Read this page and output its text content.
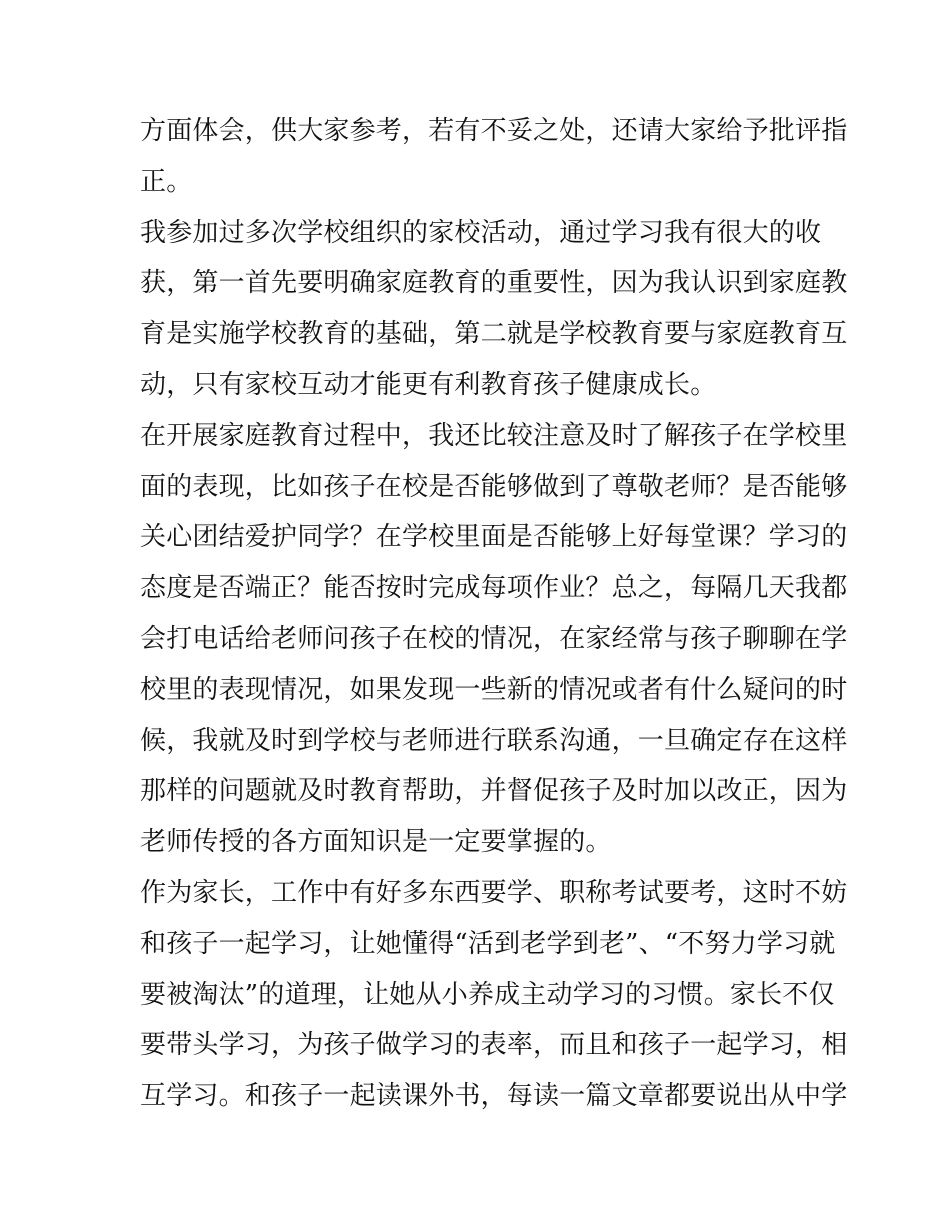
方面体会，供大家参考，若有不妥之处，还请大家给予批评指
正。
我参加过多次学校组织的家校活动，通过学习我有很大的收
获，第一首先要明确家庭教育的重要性，因为我认识到家庭教
育是实施学校教育的基础，第二就是学校教育要与家庭教育互
动，只有家校互动才能更有利教育孩子健康成长。
在开展家庭教育过程中，我还比较注意及时了解孩子在学校里
面的表现，比如孩子在校是否能够做到了尊敬老师？是否能够
关心团结爱护同学？在学校里面是否能够上好每堂课？学习的
态度是否端正？能否按时完成每项作业？总之，每隔几天我都
会打电话给老师问孩子在校的情况，在家经常与孩子聊聊在学
校里的表现情况，如果发现一些新的情况或者有什么疑问的时
候，我就及时到学校与老师进行联系沟通，一旦确定存在这样
那样的问题就及时教育帮助，并督促孩子及时加以改正，因为
老师传授的各方面知识是一定要掌握的。
作为家长，工作中有好多东西要学、职称考试要考，这时不妨
和孩子一起学习，让她懂得“活到老学到老”、“不努力学习就
要被淘汰”的道理，让她从小养成主动学习的习惯。家长不仅
要带头学习，为孩子做学习的表率，而且和孩子一起学习，相
互学习。和孩子一起读课外书，每读一篇文章都要说出从中学
